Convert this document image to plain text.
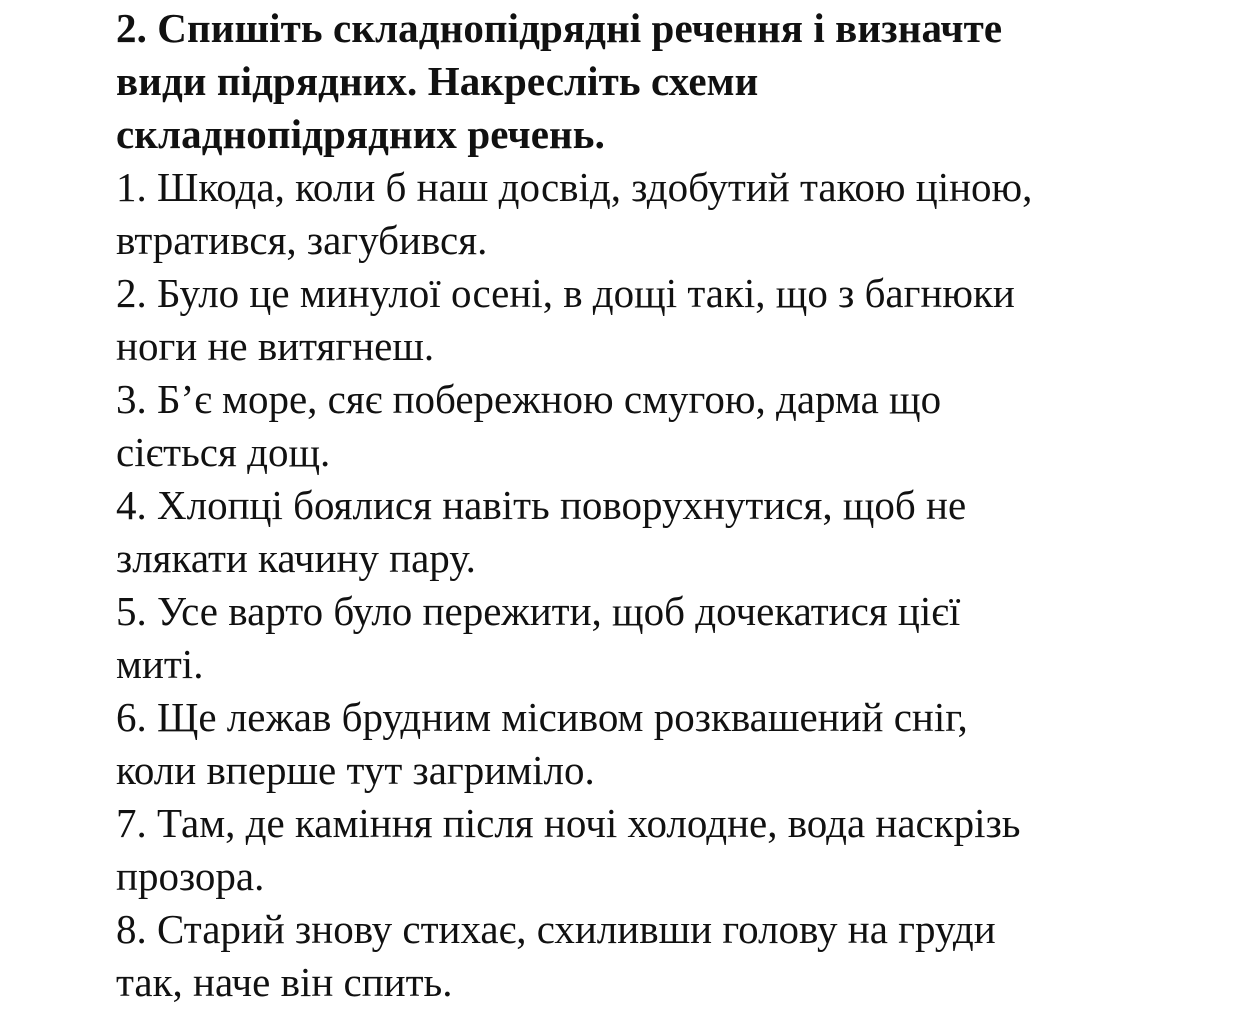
2. Спишіть складнопідрядні речення і визначте
види підрядних. Накресліть схеми
складнопідрядних речень.
1. Шкода, коли б наш досвід, здобутий такою ціною,
втратився, загубився.
2. Було це минулої осені, в дощі такі, що з багнюки
ноги не витягнеш.
3. Б’є море, сяє побережною смугою, дарма що
сіється дощ.
4. Хлопці боялися навіть поворухнутися, щоб не
злякати качину пару.
5. Усе варто було пережити, щоб дочекатися цієї
миті.
6. Ще лежав брудним місивом розквашений сніг,
коли вперше тут загриміло.
7. Там, де каміння після ночі холодне, вода наскрізь
прозора.
8. Старий знову стихає, схиливши голову на груди
так, наче він спить.
